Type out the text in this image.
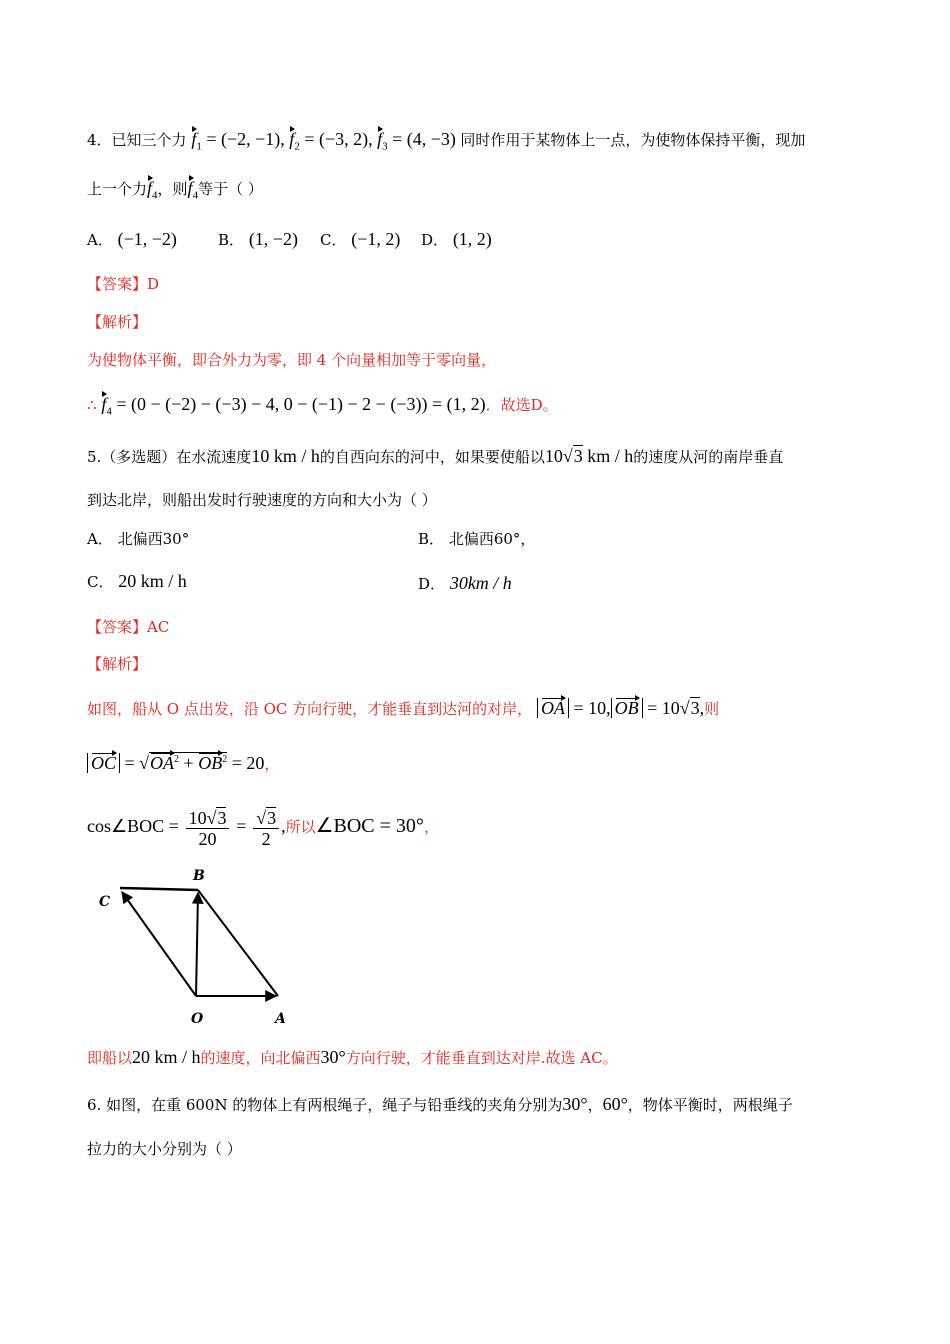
4．已知三个力 $f_1 = (-2$, −1), $f_2 = (-3$, 2), $f_3 = (4$, −3) 同时作用于某物体上一点，为使物体保持平衡，现加
上一个力$f_4$，则$f_4$等于（ ）
A． (−1, −2)	B． (1, −2) C． (−1, 2) D． (1, 2)
【答案】D
【解析】
为使物体平衡，即合外力为零，即 4 个向量相加等于零向量，
∴ $f_4 = (0 - (-2) - (-3) - 4$, 0 − (−1) − 2 − (−3)) = (1, 2)．故选D。
5.（多选题）在水流速度10 km / h的自西向东的河中，如果要使船以10√3 km / h的速度从河的南岸垂直
到达北岸，则船出发时行驶速度的方向和大小为（ ）
A． 北偏西30°	B． 北偏西60°，
C． 20 km / h	D． 30km / h
【答案】AC
【解析】
如图，船从 O 点出发，沿 OC 方向行驶，才能垂直到达河的对岸， OA = 10, OB = 10√3,则
OC = $√OA^2 + OB^2 = 20$，
cos∠BOC = $\frac{10√3}{20} = \frac{√3}{2}$ ,所以∠BOC = 30°，
B
C
O	A
即船以20 km / h的速度，向北偏西30°方向行驶，才能垂直到达对岸.故选 AC。
6. 如图，在重 600N 的物体上有两根绳子，绳子与铅垂线的夹角分别为30°，60°，物体平衡时，两根绳子
拉力的大小分别为（ ）
